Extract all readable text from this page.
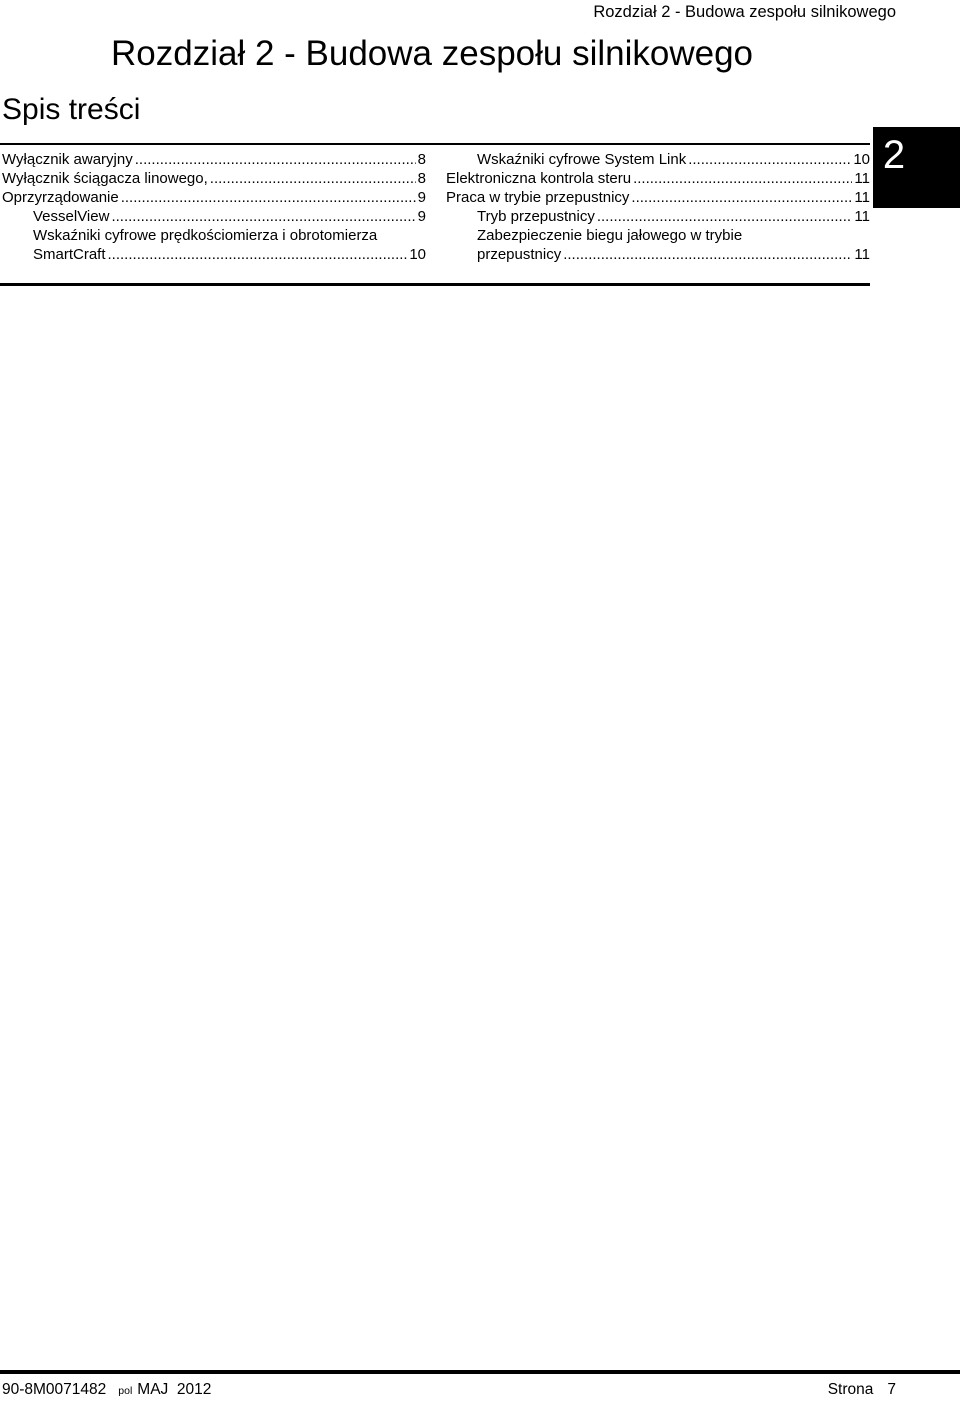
Rozdział 2 - Budowa zespołu silnikowego
Rozdział 2 - Budowa zespołu silnikowego
Spis treści
Wyłącznik awaryjny .....	8
Wyłącznik ściągacza linowego, .....	8
Oprzyrządowanie .....	9
VesselView .....	9
Wskaźniki cyfrowe prędkościomierza i obrotomierza
SmartCraft .....	10
Wskaźniki cyfrowe System Link .....	10
Elektroniczna kontrola steru .....	11
Praca w trybie przepustnicy .....	11
Tryb przepustnicy .....	11
Zabezpieczenie biegu jałowego w trybie
przepustnicy .....	11
2
90-8M0071482 pol MAJ  2012	Strona 7
